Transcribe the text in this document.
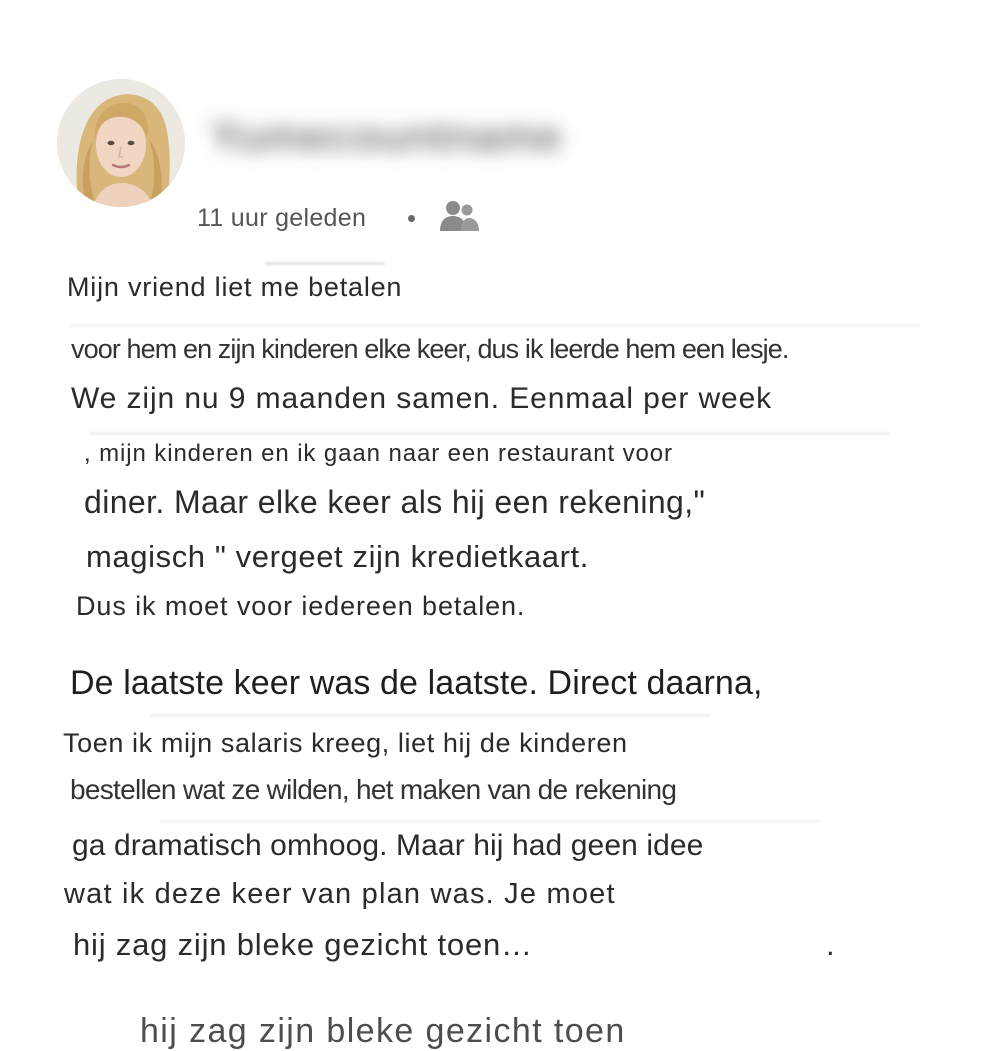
Yumecountname
11 uur geleden
Mijn vriend liet me betalen
voor hem en zijn kinderen elke keer, dus ik leerde hem een lesje.
We zijn nu 9 maanden samen. Eenmaal per week
, mijn kinderen en ik gaan naar een restaurant voor
diner. Maar elke keer als hij een rekening,"
magisch " vergeet zijn kredietkaart.
Dus ik moet voor iedereen betalen.
De laatste keer was de laatste. Direct daarna,
Toen ik mijn salaris kreeg, liet hij de kinderen
bestellen wat ze wilden, het maken van de rekening
ga dramatisch omhoog. Maar hij had geen idee
wat ik deze keer van plan was. Je moet
hij zag zijn bleke gezicht toen…	.
hij zag zijn bleke gezicht toen
